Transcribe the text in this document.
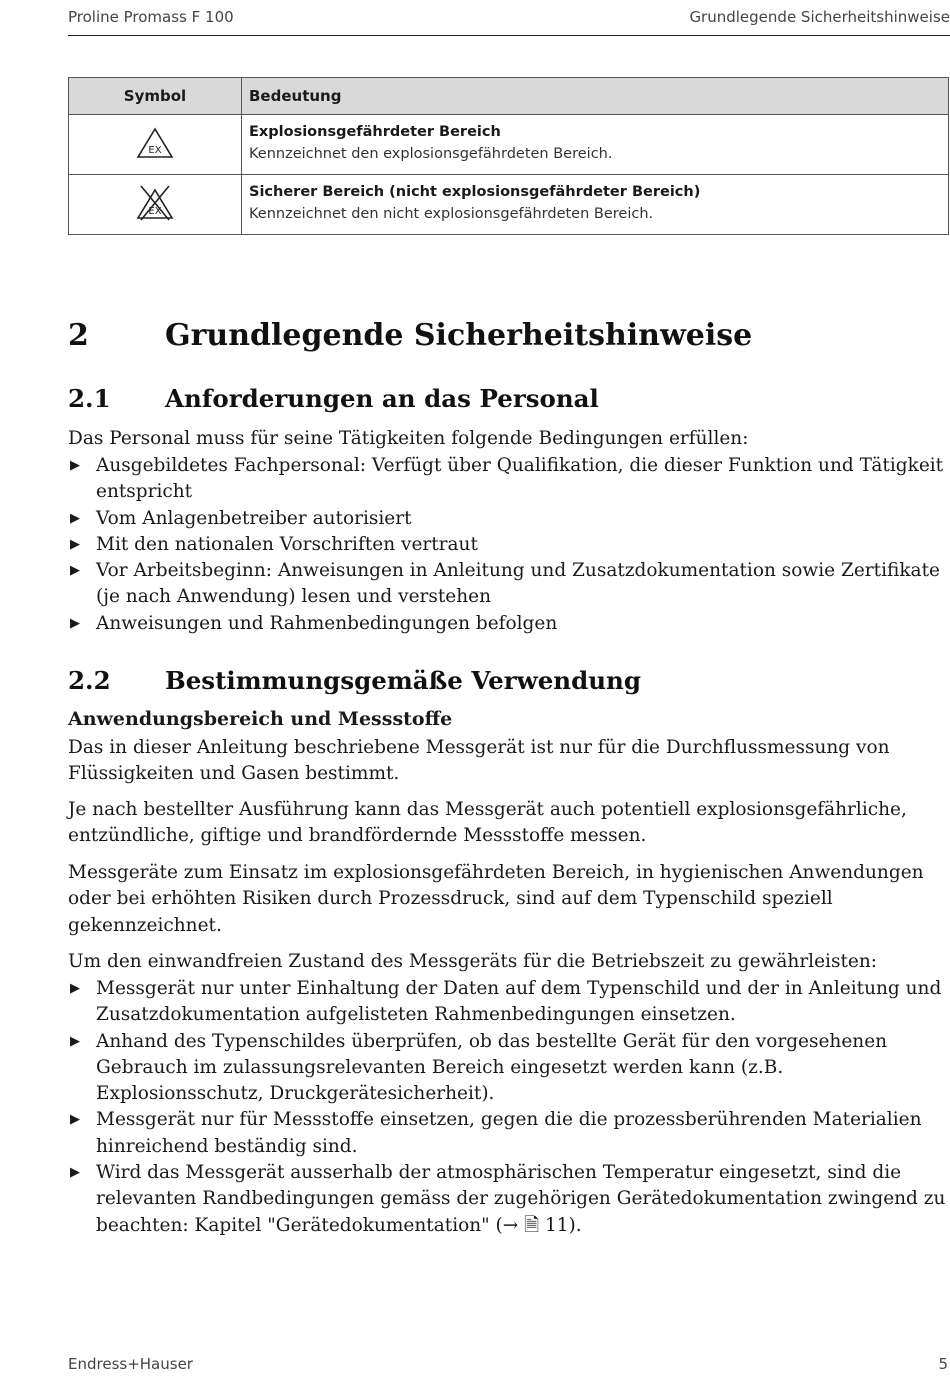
Proline Promass F 100	Grundlegende Sicherheitshinweise
Symbol	Bedeutung

EX	Explosionsgefährdeter Bereich
Kennzeichnet den explosionsgefährdeten Bereich.

EX	Sicherer Bereich (nicht explosionsgefährdeter Bereich)
Kennzeichnet den nicht explosionsgefährdeten Bereich.
2	Grundlegende Sicherheitshinweise
2.1 Anforderungen an das Personal
Das Personal muss für seine Tätigkeiten folgende Bedingungen erfüllen:
▶ Ausgebildetes Fachpersonal: Verfügt über Qualifikation, die dieser Funktion und Tätigkeit entspricht
▶ Vom Anlagenbetreiber autorisiert
▶ Mit den nationalen Vorschriften vertraut
▶ Vor Arbeitsbeginn: Anweisungen in Anleitung und Zusatzdokumentation sowie Zertifikate (je nach Anwendung) lesen und verstehen
▶ Anweisungen und Rahmenbedingungen befolgen
2.2 Bestimmungsgemäße Verwendung
Anwendungsbereich und Messstoffe
Das in dieser Anleitung beschriebene Messgerät ist nur für die Durchflussmessung von Flüssigkeiten und Gasen bestimmt.
Je nach bestellter Ausführung kann das Messgerät auch potentiell explosionsgefährliche, entzündliche, giftige und brandfördernde Messstoffe messen.
Messgeräte zum Einsatz im explosionsgefährdeten Bereich, in hygienischen Anwendungen oder bei erhöhten Risiken durch Prozessdruck, sind auf dem Typenschild speziell gekennzeichnet.
Um den einwandfreien Zustand des Messgeräts für die Betriebszeit zu gewährleisten:
▶ Messgerät nur unter Einhaltung der Daten auf dem Typenschild und der in Anleitung und Zusatzdokumentation aufgelisteten Rahmenbedingungen einsetzen.
▶ Anhand des Typenschildes überprüfen, ob das bestellte Gerät für den vorgesehenen Gebrauch im zulassungsrelevanten Bereich eingesetzt werden kann (z.B. Explosionsschutz, Druckgerätesicherheit).
▶ Messgerät nur für Messstoffe einsetzen, gegen die die prozessberührenden Materialien hinreichend beständig sind.
▶ Wird das Messgerät ausserhalb der atmosphärischen Temperatur eingesetzt, sind die relevanten Randbedingungen gemäss der zugehörigen Gerätedokumentation zwingend zu beachten: Kapitel "Gerätedokumentation" (→ 🗎 11).
Endress+Hauser	5
